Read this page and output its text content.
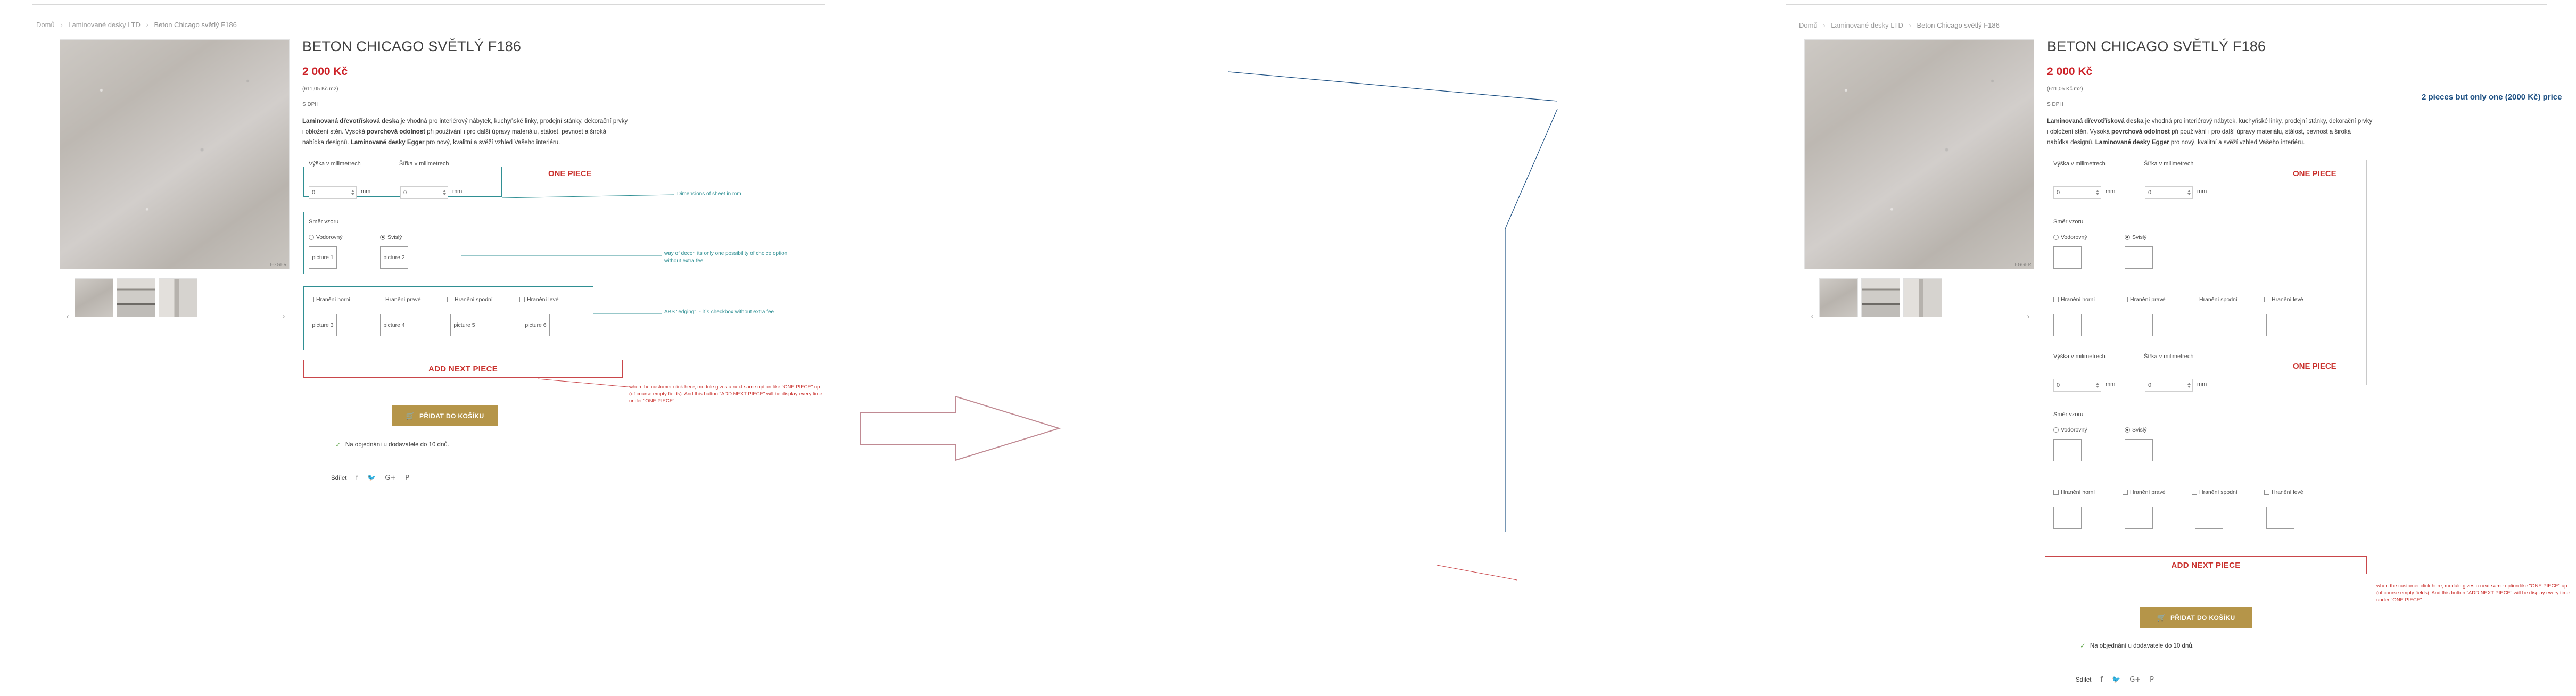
Domů › Laminované desky LTD › Beton Chicago světlý F186
EGGER
‹	›
BETON CHICAGO SVĚTLÝ F186
2 000 Kč
(611,05 Kč m2)
S DPH
Laminovaná dřevotřísková deska je vhodná pro interiérový nábytek, kuchyňské linky, prodejní stánky, dekorační prvky i obložení stěn. Vysoká povrchová odolnost při používání i pro další úpravy materiálu, stálost, pevnost a široká nabídka designů. Laminované desky Egger pro nový, kvalitní a svěží vzhled Vašeho interiéru.
Výška v milimetrech	Šířka v milimetrech
0	mm	0	mm
Směr vzoru
Vodorovný	Svislý
picture 1	picture 2
Hranění horní	Hranění pravé	Hranění spodní	Hranění levé
picture 3	picture 4	picture 5	picture 6
ONE PIECE
ADD NEXT PIECE
🛒 PŘIDAT DO KOŠÍKU
✓ Na objednání u dodavatele do 10 dnů.
Sdílet f 🐦 G+ P
Dimensions of sheet in mm
way of decor, its only one possibility of choice option without extra fee
ABS "edging". - it´s checkbox without extra fee
when the customer click here, module gives a next same option like "ONE PIECE" up (of course empty fields). And this button "ADD NEXT PIECE" will be display every time under "ONE PIECE".
Domů › Laminované desky LTD › Beton Chicago světlý F186
EGGER
‹	›
BETON CHICAGO SVĚTLÝ F186
2 000 Kč
(611,05 Kč m2)
S DPH
Laminovaná dřevotřísková deska je vhodná pro interiérový nábytek, kuchyňské linky, prodejní stánky, dekorační prvky i obložení stěn. Vysoká povrchová odolnost při používání i pro další úpravy materiálu, stálost, pevnost a široká nabídka designů. Laminované desky Egger pro nový, kvalitní a svěží vzhled Vašeho interiéru.
Výška v milimetrech	Šířka v milimetrech
0	mm	0	mm
Směr vzoru
Vodorovný	Svislý
Hranění horní	Hranění pravé	Hranění spodní	Hranění levé
ONE PIECE
Výška v milimetrech	Šířka v milimetrech
0	mm	0	mm
Směr vzoru
Vodorovný	Svislý
Hranění horní	Hranění pravé	Hranění spodní	Hranění levé
ONE PIECE
ADD NEXT PIECE
🛒 PŘIDAT DO KOŠÍKU
✓ Na objednání u dodavatele do 10 dnů.
Sdílet f 🐦 G+ P
2 pieces but only one (2000 Kč) price
when the customer click here, module gives a next same option like "ONE PIECE" up (of course empty fields). And this button "ADD NEXT PIECE" will be display every time under "ONE PIECE".
